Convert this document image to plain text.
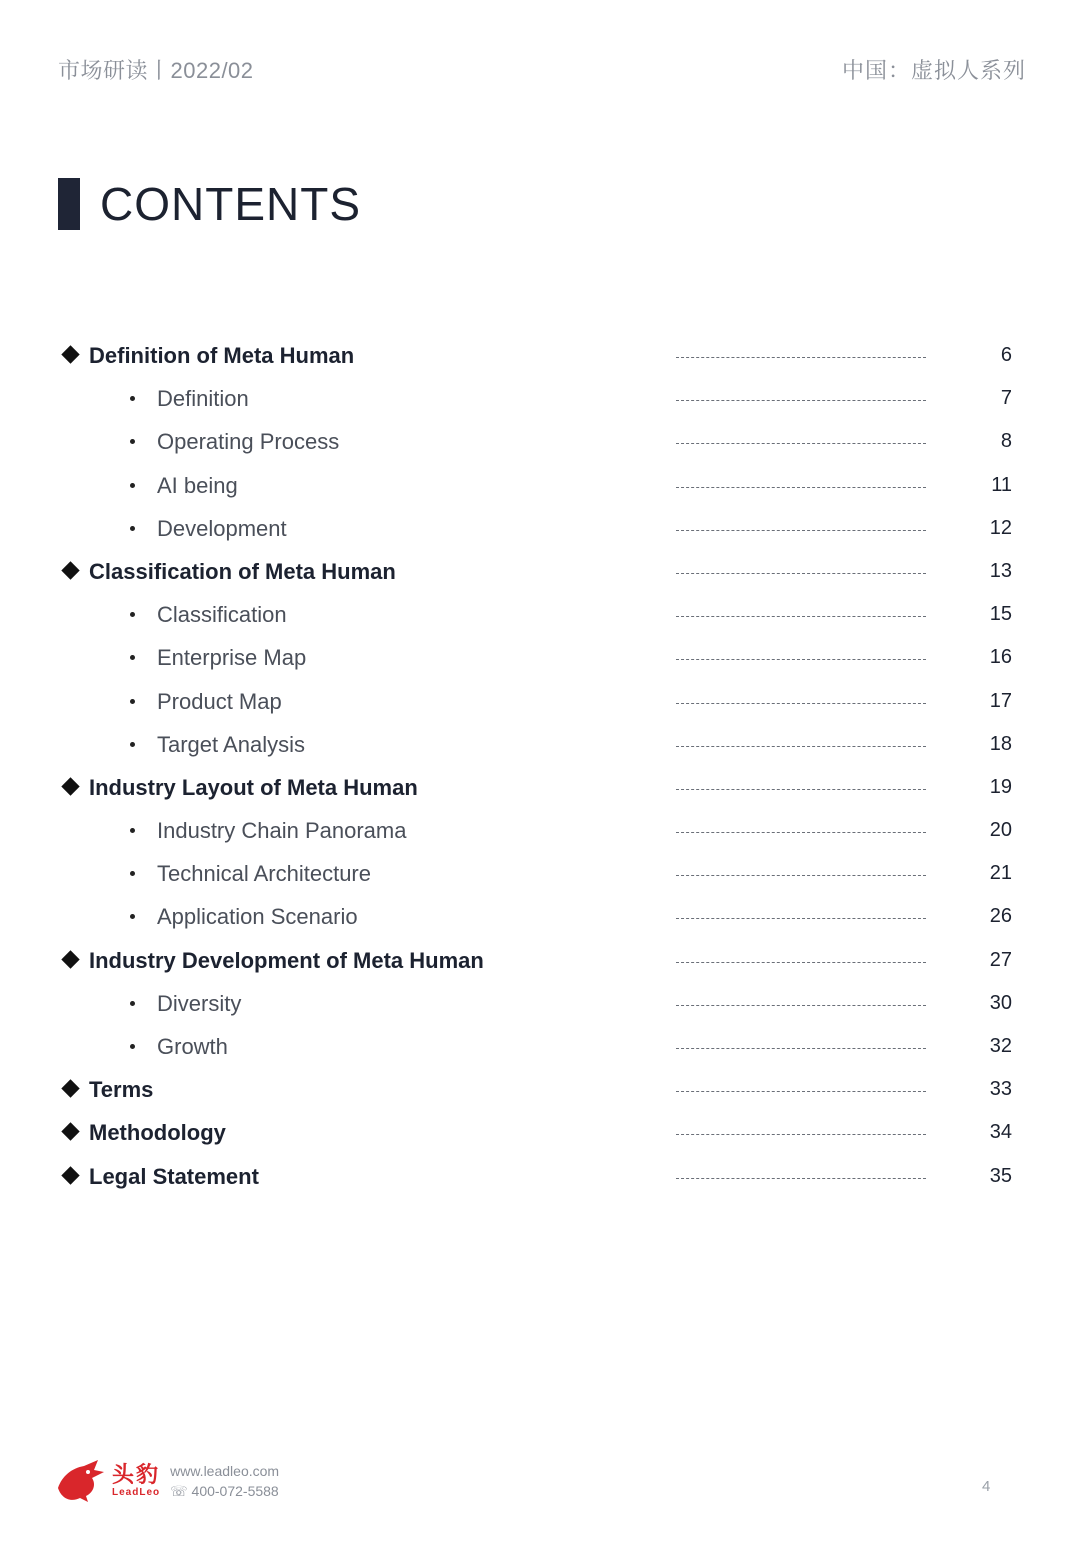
市场研读丨2022/02	中国：虚拟人系列
CONTENTS
Definition of Meta Human	6
Definition	7
Operating Process	8
AI being	11
Development	12
Classification of Meta Human	13
Classification	15
Enterprise Map	16
Product Map	17
Target Analysis	18
Industry Layout of Meta Human	19
Industry Chain Panorama	20
Technical Architecture	21
Application Scenario	26
Industry Development of Meta Human	27
Diversity	30
Growth	32
Terms	33
Methodology	34
Legal Statement	35
头豹
LeadLeo
www.leadleo.com
☏ 400-072-5588	4
